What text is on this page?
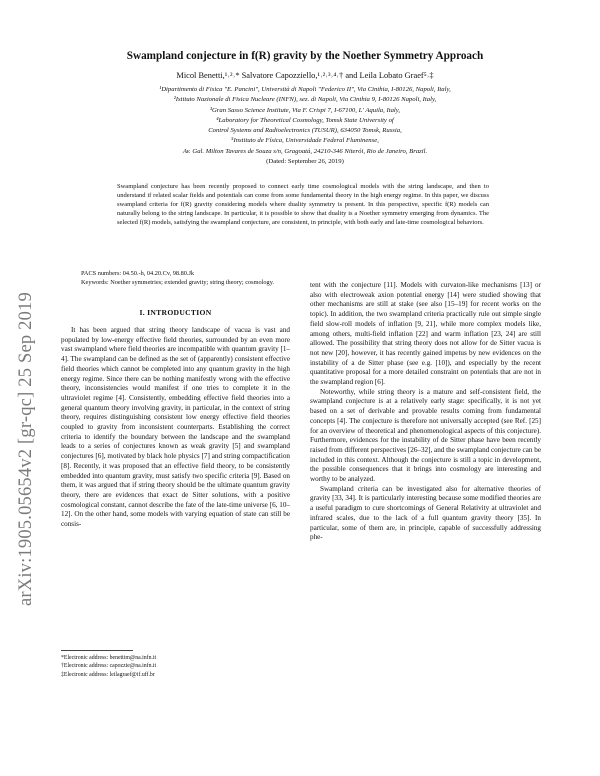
arXiv:1905.05654v2 [gr-qc] 25 Sep 2019
Swampland conjecture in f(R) gravity by the Noether Symmetry Approach
Micol Benetti,¹˒²˒* Salvatore Capozziello,¹˒²˒³˒⁴˒† and Leila Lobato Graef⁵˒‡
¹Dipartimento di Fisica "E. Pancini", Università di Napoli "Federico II", Via Cinthia, I-80126, Napoli, Italy,
²Istituto Nazionale di Fisica Nucleare (INFN), sez. di Napoli, Via Cinthia 9, I-80126 Napoli, Italy,
³Gran Sasso Science Institute, Via F. Crispi 7, I-67100, L' Aquila, Italy,
⁴Laboratory for Theoretical Cosmology, Tomsk State University of
Control Systems and Radioelectronics (TUSUR), 634050 Tomsk, Russia,
⁵Instituto de Física, Universidade Federal Fluminense,
Av. Gal. Milton Tavares de Souza s/n, Gragoatá, 24210-346 Niterói, Rio de Janeiro, Brazil.
(Dated: September 26, 2019)
Swampland conjecture has been recently proposed to connect early time cosmological models with the string landscape, and then to understand if related scalar fields and potentials can come from some fundamental theory in the high energy regime. In this paper, we discuss swampland criteria for f(R) gravity considering models where duality symmetry is present. In this perspective, specific f(R) models can naturally belong to the string landscape. In particular, it is possible to show that duality is a Noether symmetry emerging from dynamics. The selected f(R) models, satisfying the swampland conjecture, are consistent, in principle, with both early and late-time cosmological behaviors.
PACS numbers: 04.50.-h, 04.20.Cv, 98.80.Jk
Keywords: Noether symmetries; extended gravity; string theory; cosmology.
I. INTRODUCTION

It has been argued that string theory landscape of vacua is vast and populated by low-energy effective field theories, surrounded by an even more vast swampland where field theories are incompatible with quantum gravity [1–4]. The swampland can be defined as the set of (apparently) consistent effective field theories which cannot be completed into any quantum gravity in the high energy regime. Since there can be nothing manifestly wrong with the effective theory, inconsistencies would manifest if one tries to complete it in the ultraviolet regime [4]. Consistently, embedding effective field theories into a general quantum theory involving gravity, in particular, in the context of string theory, requires distinguishing consistent low energy effective field theories coupled to gravity from inconsistent counterparts. Establishing the correct criteria to identify the boundary between the landscape and the swampland leads to a series of conjectures known as weak gravity [5] and swampland conjectures [6], motivated by black hole physics [7] and string compactification [8]. Recently, it was proposed that an effective field theory, to be consistently embedded into quantum gravity, must satisfy two specific criteria [9]. Based on them, it was argued that if string theory should be the ultimate quantum gravity theory, there are evidences that exact de Sitter solutions, with a positive cosmological constant, cannot describe the fate of the late-time universe [6, 10–12]. On the other hand, some models with varying equation of state can still be consis-

tent with the conjecture [11]. Models with curvaton-like mechanisms [13] or also with electroweak axion potential energy [14] were studied showing that other mechanisms are still at stake (see also [15–19] for recent works on the topic). In addition, the two swampland criteria practically rule out simple single field slow-roll models of inflation [9, 21], while more complex models like, among others, multi-field inflation [22] and warm inflation [23, 24] are still allowed. The possibility that string theory does not allow for de Sitter vacua is not new [20], however, it has recently gained impetus by new evidences on the instability of a de Sitter phase (see e.g. [10]), and especially by the recent quantitative proposal for a more detailed constraint on potentials that are not in the swampland region [6].

Noteworthy, while string theory is a mature and self-consistent field, the swampland conjecture is at a relatively early stage: specifically, it is not yet based on a set of derivable and provable results coming from fundamental concepts [4]. The conjecture is therefore not universally accepted (see Ref. [25] for an overview of theoretical and phenomenological aspects of this conjecture). Furthermore, evidences for the instability of de Sitter phase have been recently raised from different perspectives [26–32], and the swampland conjecture can be included in this context. Although the conjecture is still a topic in development, the possible consequences that it brings into cosmology are interesting and worthy to be analyzed.

Swampland criteria can be investigated also for alternative theories of gravity [33, 34]. It is particularly interesting because some modified theories are a useful paradigm to cure shortcomings of General Relativity at ultraviolet and infrared scales, due to the lack of a full quantum gravity theory [35]. In particular, some of them are, in principle, capable of successfully addressing phe-

*Electronic address: benettim@na.infn.it
†Electronic address: capozzie@na.infn.it
‡Electronic address: leilagraef@if.uff.br
